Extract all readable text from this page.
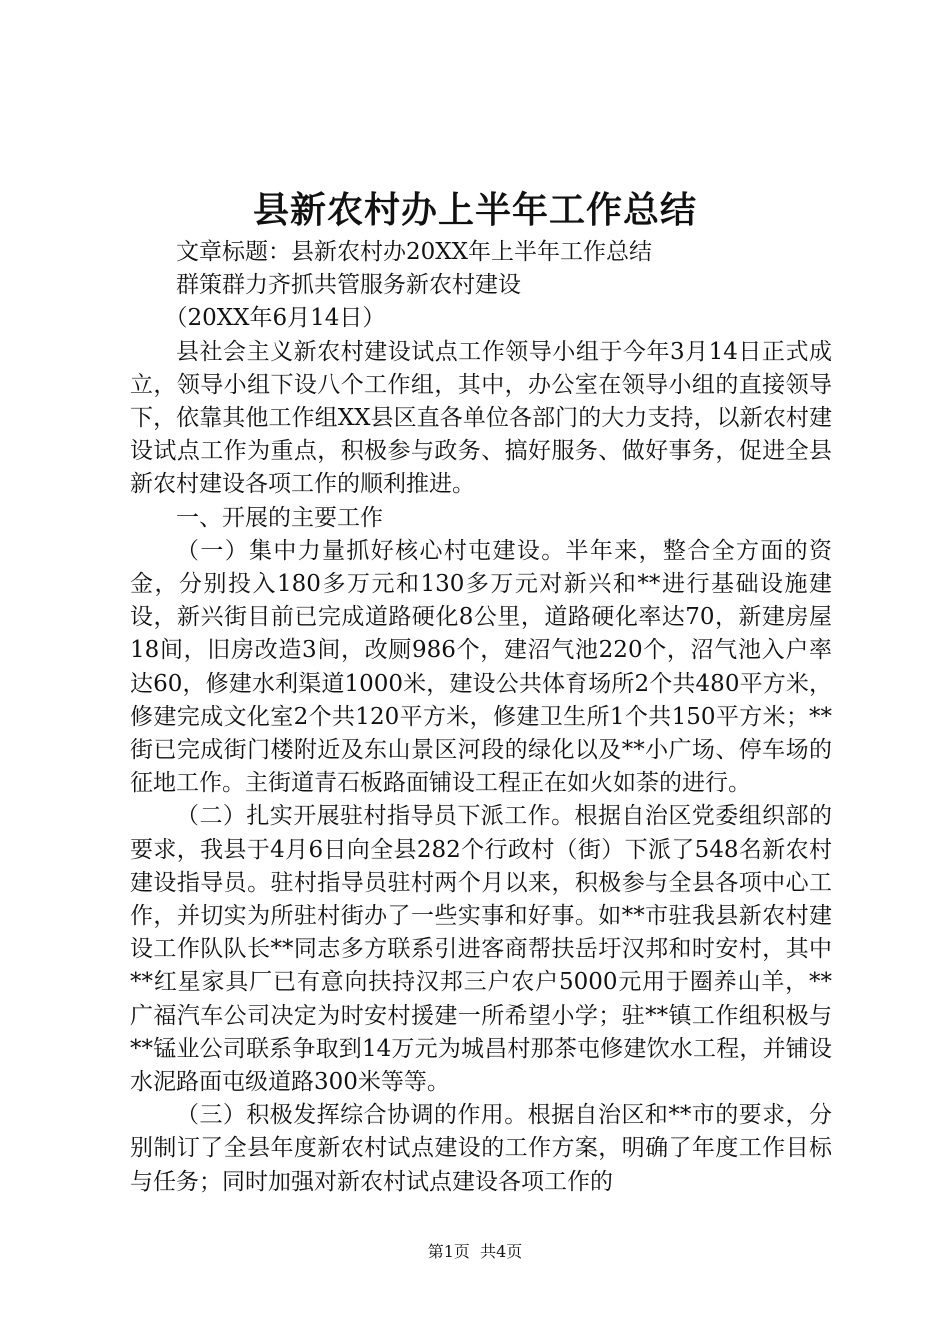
县新农村办上半年工作总结

文章标题：县新农村办20XX年上半年工作总结

群策群力齐抓共管服务新农村建设

（20XX年6月14日）

县社会主义新农村建设试点工作领导小组于今年3月14日正式成立，领导小组下设八个工作组，其中，办公室在领导小组的直接领导下，依靠其他工作组XX县区直各单位各部门的大力支持，以新农村建设试点工作为重点，积极参与政务、搞好服务、做好事务，促进全县新农村建设各项工作的顺利推进。

一、开展的主要工作

（一）集中力量抓好核心村屯建设。半年来，整合全方面的资金，分别投入180多万元和130多万元对新兴和**进行基础设施建设，新兴街目前已完成道路硬化8公里，道路硬化率达70，新建房屋18间，旧房改造3间，改厕986个，建沼气池220个，沼气池入户率达60，修建水利渠道1000米，建设公共体育场所2个共480平方米，修建完成文化室2个共120平方米，修建卫生所1个共150平方米；**街已完成街门楼附近及东山景区河段的绿化以及**小广场、停车场的征地工作。主街道青石板路面铺设工程正在如火如荼的进行。

（二）扎实开展驻村指导员下派工作。根据自治区党委组织部的要求，我县于4月6日向全县282个行政村（街）下派了548名新农村建设指导员。驻村指导员驻村两个月以来，积极参与全县各项中心工作，并切实为所驻村街办了一些实事和好事。如**市驻我县新农村建设工作队队长**同志多方联系引进客商帮扶岳圩汉邦和时安村，其中**红星家具厂已有意向扶持汉邦三户农户5000元用于圈养山羊，**广福汽车公司决定为时安村援建一所希望小学；驻**镇工作组积极与**锰业公司联系争取到14万元为城昌村那茶屯修建饮水工程，并铺设水泥路面屯级道路300米等等。

（三）积极发挥综合协调的作用。根据自治区和**市的要求，分别制订了全县年度新农村试点建设的工作方案，明确了年度工作目标与任务；同时加强对新农村试点建设各项工作的

第1页 共4页
